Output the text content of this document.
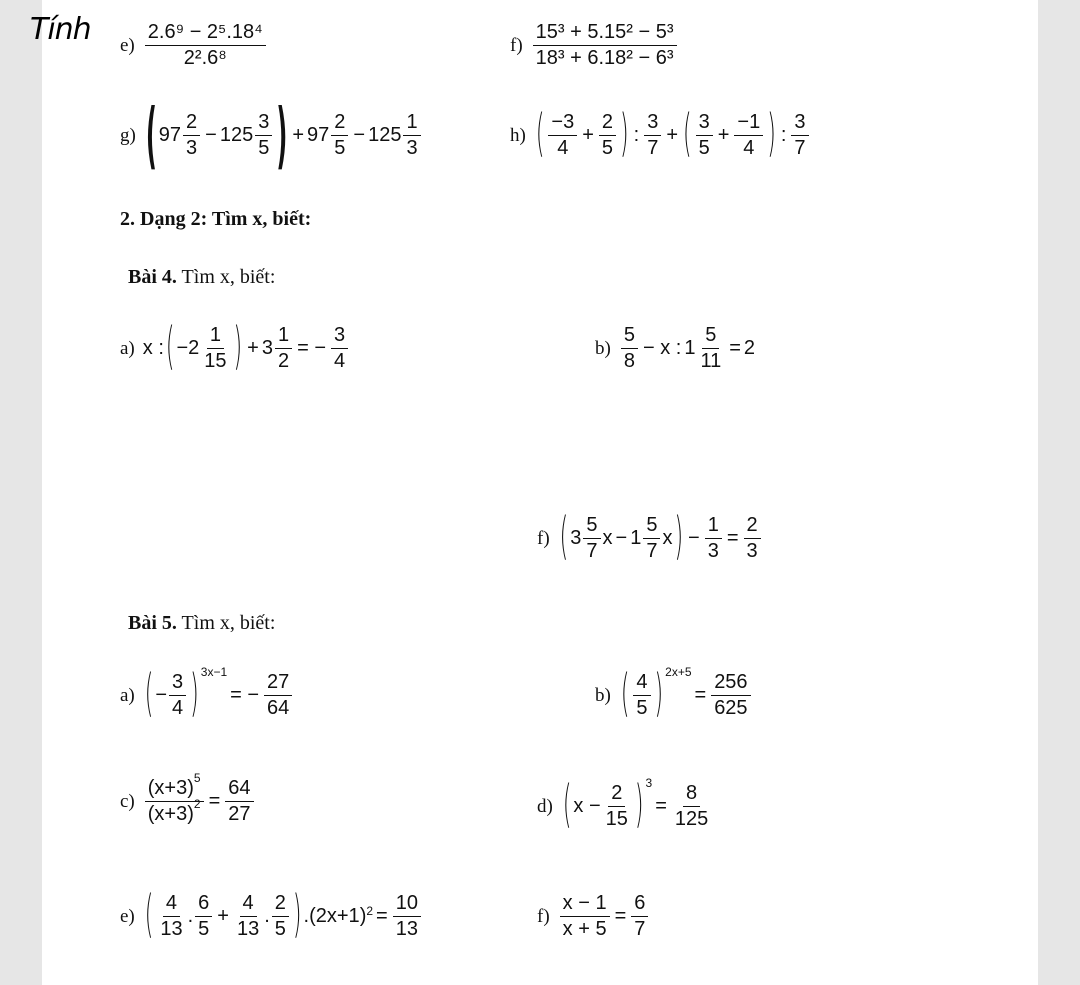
Tính $e) \frac{\text{2.6⁹ − 2⁵.18⁴}}{\text{2².6⁸}}$	$f) \frac{\text{15³ + 5.15² − 5³}}{\text{18³ + 6.18² − 6³}}$
g) ( $97 \frac{2}{3} - 125 \frac{3}{5}$ ) + $97 \frac{2}{5} - 125 \frac{1}{3}$	h) ( $\frac{-3}{4} + \frac{2}{5}$ ) : $\frac{3}{7}$ + ( $\frac{3}{5} + \frac{-1}{4}$ ) : $\frac{3}{7}$
2. Dạng 2: Tìm x, biết:
Bài 4. Tìm x, biết:
a) x : ( $-2 \frac{1}{15}$ ) + $3 \frac{1}{2}$ = − $\frac{3}{4}$	$b) \frac{5}{8} - x$ : $1 \frac{5}{11} = 2$
f) ( $3 \frac{5}{7}$ $x - 1 \frac{5}{7}$ x ) − $\frac{1}{3} = \frac{2}{3}$
Bài 5. Tìm x, biết:
a) ( − $\frac{3}{4}$ ) 3x−1
= − $\frac{27}{64}$	b) ( $\frac{4}{5}$ ) 2x+5
= $\frac{256}{625}$
$c) \frac{(x+3)^5}{(x+3)^2} = \frac{64}{27}$	d) ( $x - \frac{2}{15}$ ) 3
= $\frac{8}{125}$
e) ( $\frac{4}{13}$ . $\frac{6}{5} + \frac{4}{13}$ . $\frac{2}{5}$ ) . ( 2x+1 )$^2 = \frac{10}{13}$	$f) \frac{x - 1}{x + 5} = \frac{6}{7}$
